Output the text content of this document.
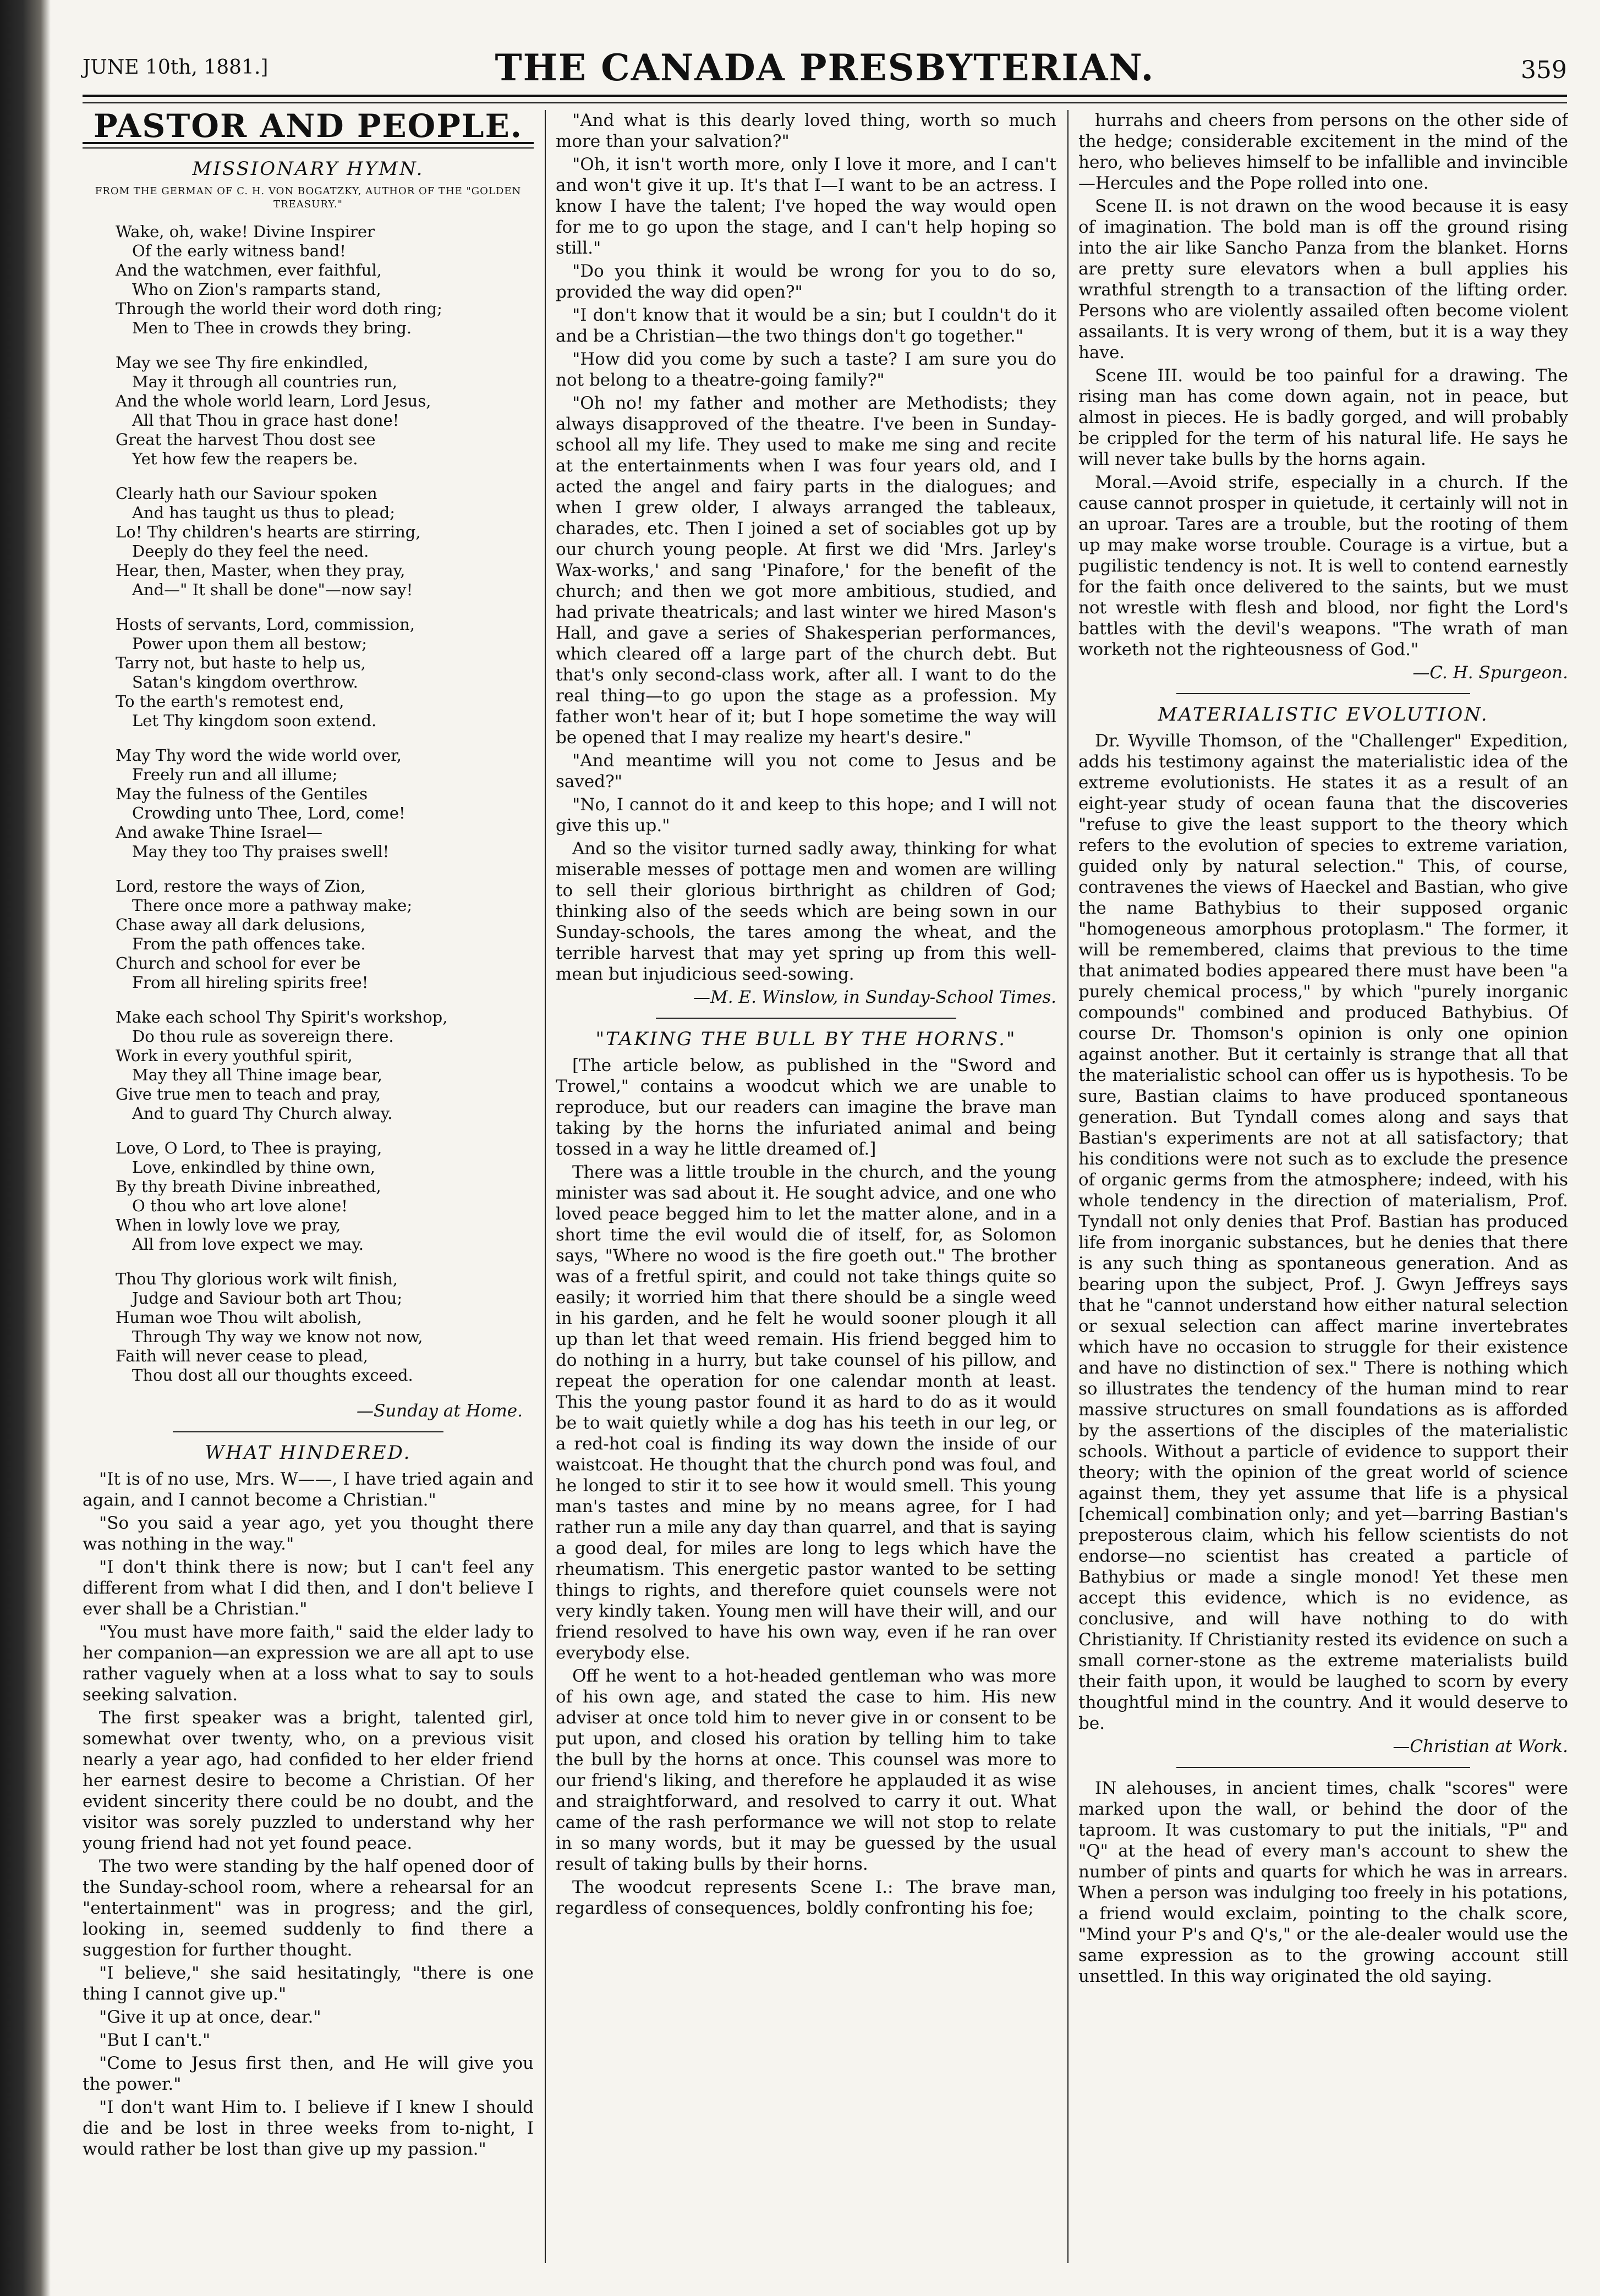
JUNE 10th, 1881.]	THE CANADA PRESBYTERIAN.	359
PASTOR AND PEOPLE.
MISSIONARY HYMN.
FROM THE GERMAN OF C. H. VON BOGATZKY, AUTHOR OF THE "GOLDEN TREASURY."
Wake, oh, wake! Divine Inspirer
Of the early witness band!
And the watchmen, ever faithful,
Who on Zion's ramparts stand,
Through the world their word doth ring;
Men to Thee in crowds they bring.
May we see Thy fire enkindled,
May it through all countries run,
And the whole world learn, Lord Jesus,
All that Thou in grace hast done!
Great the harvest Thou dost see
Yet how few the reapers be.
Clearly hath our Saviour spoken
And has taught us thus to plead;
Lo! Thy children's hearts are stirring,
Deeply do they feel the need.
Hear, then, Master, when they pray,
And—" It shall be done"—now say!
Hosts of servants, Lord, commission,
Power upon them all bestow;
Tarry not, but haste to help us,
Satan's kingdom overthrow.
To the earth's remotest end,
Let Thy kingdom soon extend.
May Thy word the wide world over,
Freely run and all illume;
May the fulness of the Gentiles
Crowding unto Thee, Lord, come!
And awake Thine Israel—
May they too Thy praises swell!
Lord, restore the ways of Zion,
There once more a pathway make;
Chase away all dark delusions,
From the path offences take.
Church and school for ever be
From all hireling spirits free!
Make each school Thy Spirit's workshop,
Do thou rule as sovereign there.
Work in every youthful spirit,
May they all Thine image bear,
Give true men to teach and pray,
And to guard Thy Church alway.
Love, O Lord, to Thee is praying,
Love, enkindled by thine own,
By thy breath Divine inbreathed,
O thou who art love alone!
When in lowly love we pray,
All from love expect we may.
Thou Thy glorious work wilt finish,
Judge and Saviour both art Thou;
Human woe Thou wilt abolish,
Through Thy way we know not now,
Faith will never cease to plead,
Thou dost all our thoughts exceed.
—Sunday at Home.
WHAT HINDERED.

"It is of no use, Mrs. W——, I have tried again and again, and I cannot become a Christian."

"So you said a year ago, yet you thought there was nothing in the way."

"I don't think there is now; but I can't feel any different from what I did then, and I don't believe I ever shall be a Christian."

"You must have more faith," said the elder lady to her companion—an expression we are all apt to use rather vaguely when at a loss what to say to souls seeking salvation.

The first speaker was a bright, talented girl, somewhat over twenty, who, on a previous visit nearly a year ago, had confided to her elder friend her earnest desire to become a Christian. Of her evident sincerity there could be no doubt, and the visitor was sorely puzzled to understand why her young friend had not yet found peace.

The two were standing by the half opened door of the Sunday-school room, where a rehearsal for an "entertainment" was in progress; and the girl, looking in, seemed suddenly to find there a suggestion for further thought.

"I believe," she said hesitatingly, "there is one thing I cannot give up."

"Give it up at once, dear."

"But I can't."

"Come to Jesus first then, and He will give you the power."

"I don't want Him to. I believe if I knew I should die and be lost in three weeks from to-night, I would rather be lost than give up my passion."

"And what is this dearly loved thing, worth so much more than your salvation?"

"Oh, it isn't worth more, only I love it more, and I can't and won't give it up. It's that I—I want to be an actress. I know I have the talent; I've hoped the way would open for me to go upon the stage, and I can't help hoping so still."

"Do you think it would be wrong for you to do so, provided the way did open?"

"I don't know that it would be a sin; but I couldn't do it and be a Christian—the two things don't go together."

"How did you come by such a taste? I am sure you do not belong to a theatre-going family?"

"Oh no! my father and mother are Methodists; they always disapproved of the theatre. I've been in Sunday-school all my life. They used to make me sing and recite at the entertainments when I was four years old, and I acted the angel and fairy parts in the dialogues; and when I grew older, I always arranged the tableaux, charades, etc. Then I joined a set of sociables got up by our church young people. At first we did 'Mrs. Jarley's Wax-works,' and sang 'Pinafore,' for the benefit of the church; and then we got more ambitious, studied, and had private theatricals; and last winter we hired Mason's Hall, and gave a series of Shakesperian performances, which cleared off a large part of the church debt. But that's only second-class work, after all. I want to do the real thing—to go upon the stage as a profession. My father won't hear of it; but I hope sometime the way will be opened that I may realize my heart's desire."

"And meantime will you not come to Jesus and be saved?"

"No, I cannot do it and keep to this hope; and I will not give this up."

And so the visitor turned sadly away, thinking for what miserable messes of pottage men and women are willing to sell their glorious birthright as children of God; thinking also of the seeds which are being sown in our Sunday-schools, the tares among the wheat, and the terrible harvest that may yet spring up from this well-mean but injudicious seed-sowing.

—M. E. Winslow, in Sunday-School Times.
"TAKING THE BULL BY THE HORNS."

[The article below, as published in the "Sword and Trowel," contains a woodcut which we are unable to reproduce, but our readers can imagine the brave man taking by the horns the infuriated animal and being tossed in a way he little dreamed of.]

There was a little trouble in the church, and the young minister was sad about it. He sought advice, and one who loved peace begged him to let the matter alone, and in a short time the evil would die of itself, for, as Solomon says, "Where no wood is the fire goeth out." The brother was of a fretful spirit, and could not take things quite so easily; it worried him that there should be a single weed in his garden, and he felt he would sooner plough it all up than let that weed remain. His friend begged him to do nothing in a hurry, but take counsel of his pillow, and repeat the operation for one calendar month at least. This the young pastor found it as hard to do as it would be to wait quietly while a dog has his teeth in our leg, or a red-hot coal is finding its way down the inside of our waistcoat. He thought that the church pond was foul, and he longed to stir it to see how it would smell. This young man's tastes and mine by no means agree, for I had rather run a mile any day than quarrel, and that is saying a good deal, for miles are long to legs which have the rheumatism. This energetic pastor wanted to be setting things to rights, and therefore quiet counsels were not very kindly taken. Young men will have their will, and our friend resolved to have his own way, even if he ran over everybody else.

Off he went to a hot-headed gentleman who was more of his own age, and stated the case to him. His new adviser at once told him to never give in or consent to be put upon, and closed his oration by telling him to take the bull by the horns at once. This counsel was more to our friend's liking, and therefore he applauded it as wise and straightforward, and resolved to carry it out. What came of the rash performance we will not stop to relate in so many words, but it may be guessed by the usual result of taking bulls by their horns.

The woodcut represents Scene I.: The brave man, regardless of consequences, boldly confronting his foe;

hurrahs and cheers from persons on the other side of the hedge; considerable excitement in the mind of the hero, who believes himself to be infallible and invincible—Hercules and the Pope rolled into one.

Scene II. is not drawn on the wood because it is easy of imagination. The bold man is off the ground rising into the air like Sancho Panza from the blanket. Horns are pretty sure elevators when a bull applies his wrathful strength to a transaction of the lifting order. Persons who are violently assailed often become violent assailants. It is very wrong of them, but it is a way they have.

Scene III. would be too painful for a drawing. The rising man has come down again, not in peace, but almost in pieces. He is badly gorged, and will probably be crippled for the term of his natural life. He says he will never take bulls by the horns again.

Moral.—Avoid strife, especially in a church. If the cause cannot prosper in quietude, it certainly will not in an uproar. Tares are a trouble, but the rooting of them up may make worse trouble. Courage is a virtue, but a pugilistic tendency is not. It is well to contend earnestly for the faith once delivered to the saints, but we must not wrestle with flesh and blood, nor fight the Lord's battles with the devil's weapons. "The wrath of man worketh not the righteousness of God."

—C. H. Spurgeon.
MATERIALISTIC EVOLUTION.

Dr. Wyville Thomson, of the "Challenger" Expedition, adds his testimony against the materialistic idea of the extreme evolutionists. He states it as a result of an eight-year study of ocean fauna that the discoveries "refuse to give the least support to the theory which refers to the evolution of species to extreme variation, guided only by natural selection." This, of course, contravenes the views of Haeckel and Bastian, who give the name Bathybius to their supposed organic "homogeneous amorphous protoplasm." The former, it will be remembered, claims that previous to the time that animated bodies appeared there must have been "a purely chemical process," by which "purely inorganic compounds" combined and produced Bathybius. Of course Dr. Thomson's opinion is only one opinion against another. But it certainly is strange that all that the materialistic school can offer us is hypothesis. To be sure, Bastian claims to have produced spontaneous generation. But Tyndall comes along and says that Bastian's experiments are not at all satisfactory; that his conditions were not such as to exclude the presence of organic germs from the atmosphere; indeed, with his whole tendency in the direction of materialism, Prof. Tyndall not only denies that Prof. Bastian has produced life from inorganic substances, but he denies that there is any such thing as spontaneous generation. And as bearing upon the subject, Prof. J. Gwyn Jeffreys says that he "cannot understand how either natural selection or sexual selection can affect marine invertebrates which have no occasion to struggle for their existence and have no distinction of sex." There is nothing which so illustrates the tendency of the human mind to rear massive structures on small foundations as is afforded by the assertions of the disciples of the materialistic schools. Without a particle of evidence to support their theory; with the opinion of the great world of science against them, they yet assume that life is a physical [chemical] combination only; and yet—barring Bastian's preposterous claim, which his fellow scientists do not endorse—no scientist has created a particle of Bathybius or made a single monod! Yet these men accept this evidence, which is no evidence, as conclusive, and will have nothing to do with Christianity. If Christianity rested its evidence on such a small corner-stone as the extreme materialists build their faith upon, it would be laughed to scorn by every thoughtful mind in the country. And it would deserve to be.

—Christian at Work.

IN alehouses, in ancient times, chalk "scores" were marked upon the wall, or behind the door of the taproom. It was customary to put the initials, "P" and "Q" at the head of every man's account to shew the number of pints and quarts for which he was in arrears. When a person was indulging too freely in his potations, a friend would exclaim, pointing to the chalk score, "Mind your P's and Q's," or the ale-dealer would use the same expression as to the growing account still unsettled. In this way originated the old saying.
